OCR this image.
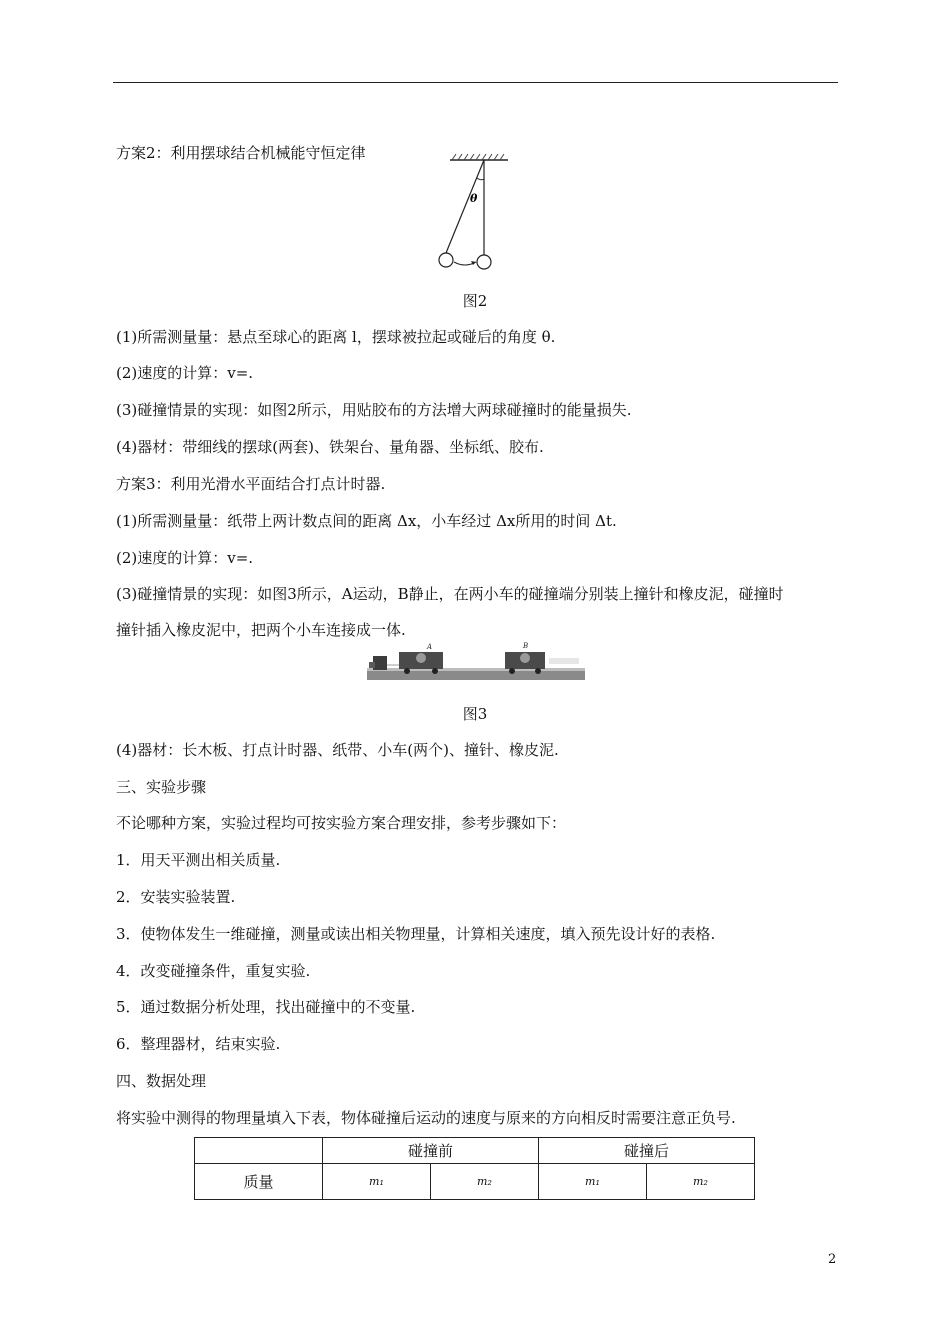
方案2：利用摆球结合机械能守恒定律
θ
图2
(1)所需测量量：悬点至球心的距离 l，摆球被拉起或碰后的角度 θ.
(2)速度的计算：v=.
(3)碰撞情景的实现：如图2所示，用贴胶布的方法增大两球碰撞时的能量损失.
(4)器材：带细线的摆球(两套)、铁架台、量角器、坐标纸、胶布.
方案3：利用光滑水平面结合打点计时器.
(1)所需测量量：纸带上两计数点间的距离 Δx，小车经过 Δx所用的时间 Δt.
(2)速度的计算：v=.
(3)碰撞情景的实现：如图3所示，A运动，B静止，在两小车的碰撞端分别装上撞针和橡皮泥，碰撞时
撞针插入橡皮泥中，把两个小车连接成一体.
A	B
图3
(4)器材：长木板、打点计时器、纸带、小车(两个)、撞针、橡皮泥.
三、实验步骤
不论哪种方案，实验过程均可按实验方案合理安排，参考步骤如下：
1．用天平测出相关质量.
2．安装实验装置.
3．使物体发生一维碰撞，测量或读出相关物理量，计算相关速度，填入预先设计好的表格.
4．改变碰撞条件，重复实验.
5．通过数据分析处理，找出碰撞中的不变量.
6．整理器材，结束实验.
四、数据处理
将实验中测得的物理量填入下表，物体碰撞后运动的速度与原来的方向相反时需要注意正负号.
	碰撞前		碰撞后	
质量	m₁	m₂	m₁	m₂
2
